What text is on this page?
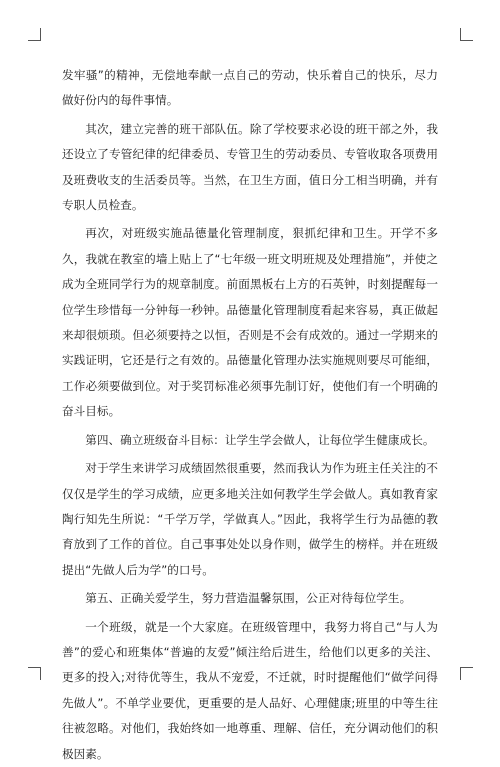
发牢骚”的精神，无偿地奉献一点自己的劳动，快乐着自己的快乐，尽力做好份内的每件事情。

其次，建立完善的班干部队伍。除了学校要求必设的班干部之外，我还设立了专管纪律的纪律委员、专管卫生的劳动委员、专管收取各项费用及班费收支的生活委员等。当然，在卫生方面，值日分工相当明确，并有专职人员检查。

再次，对班级实施品德量化管理制度，狠抓纪律和卫生。开学不多久，我就在教室的墙上贴上了“七年级一班文明班规及处理措施”，并使之成为全班同学行为的规章制度。前面黑板右上方的石英钟，时刻提醒每一位学生珍惜每一分钟每一秒钟。品德量化管理制度看起来容易，真正做起来却很烦琐。但必须要持之以恒，否则是不会有成效的。通过一学期来的实践证明，它还是行之有效的。品德量化管理办法实施规则要尽可能细，工作必须要做到位。对于奖罚标准必须事先制订好，使他们有一个明确的奋斗目标。

第四、确立班级奋斗目标：让学生学会做人，让每位学生健康成长。

对于学生来讲学习成绩固然很重要，然而我认为作为班主任关注的不仅仅是学生的学习成绩，应更多地关注如何教学生学会做人。真如教育家陶行知先生所说：“千学万学，学做真人。”因此，我将学生行为品德的教育放到了工作的首位。自己事事处处以身作则，做学生的榜样。并在班级提出“先做人后为学”的口号。

第五、正确关爱学生，努力营造温馨氛围，公正对待每位学生。

一个班级，就是一个大家庭。在班级管理中，我努力将自己“与人为善”的爱心和班集体“普遍的友爱”倾注给后进生，给他们以更多的关注、更多的投入;对待优等生，我从不宠爱，不迁就，时时提醒他们“做学问得先做人”。不单学业要优，更重要的是人品好、心理健康;班里的中等生往往被忽略。对他们，我始终如一地尊重、理解、信任，充分调动他们的积极因素。
